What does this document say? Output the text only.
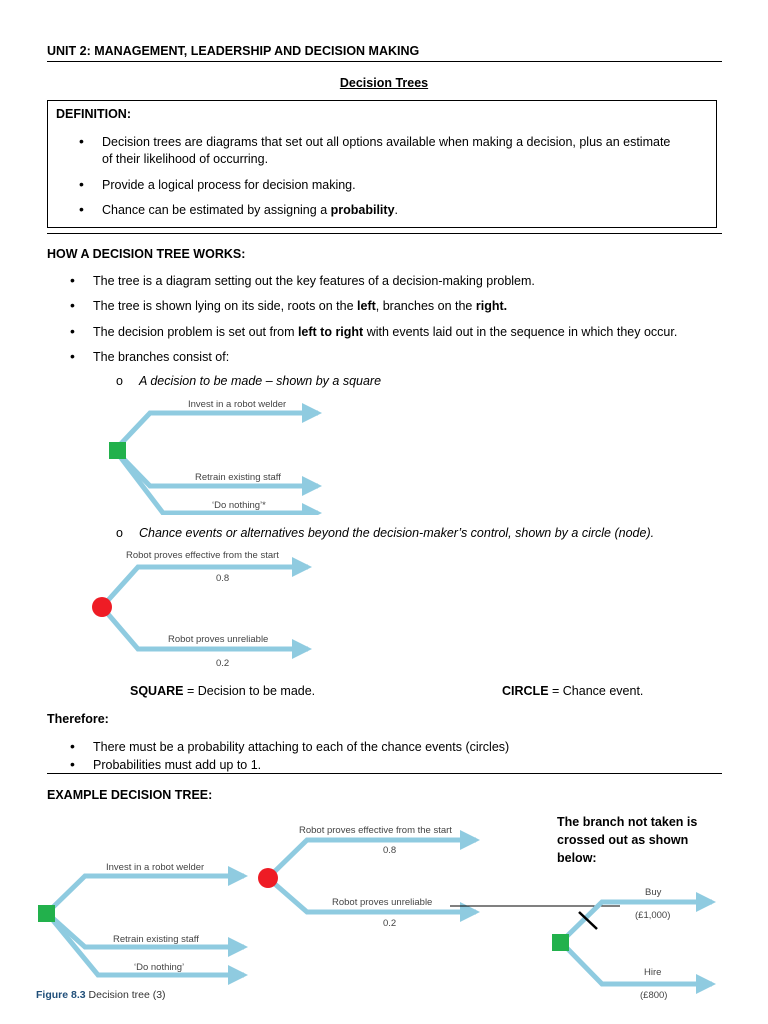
UNIT 2: MANAGEMENT, LEADERSHIP AND DECISION MAKING
Decision Trees
DEFINITION:
• Decision trees are diagrams that set out all options available when making a decision, plus an estimate
of their likelihood of occurring.
• Provide a logical process for decision making.
• Chance can be estimated by assigning a probability.
HOW A DECISION TREE WORKS:
• The tree is a diagram setting out the key features of a decision-making problem.
• The tree is shown lying on its side, roots on the left, branches on the right.
• The decision problem is set out from left to right with events laid out in the sequence in which they occur.
• The branches consist of:
o A decision to be made – shown by a square
Invest in a robot welder
Retrain existing staff
‘Do nothing’*
o Chance events or alternatives beyond the decision-maker’s control, shown by a circle (node).
Robot proves effective from the start
0.8
Robot proves unreliable
0.2
SQUARE = Decision to be made.	CIRCLE = Chance event.
Therefore:
• There must be a probability attaching to each of the chance events (circles)
• Probabilities must add up to 1.
EXAMPLE DECISION TREE:
The branch not taken is
crossed out as shown
below:
Invest in a robot welder
Retrain existing staff
‘Do nothing’
Robot proves effective from the start
0.8
Robot proves unreliable
0.2
Buy
(£1,000)
Hire
(£800)
Figure 8.3 Decision tree (3)
